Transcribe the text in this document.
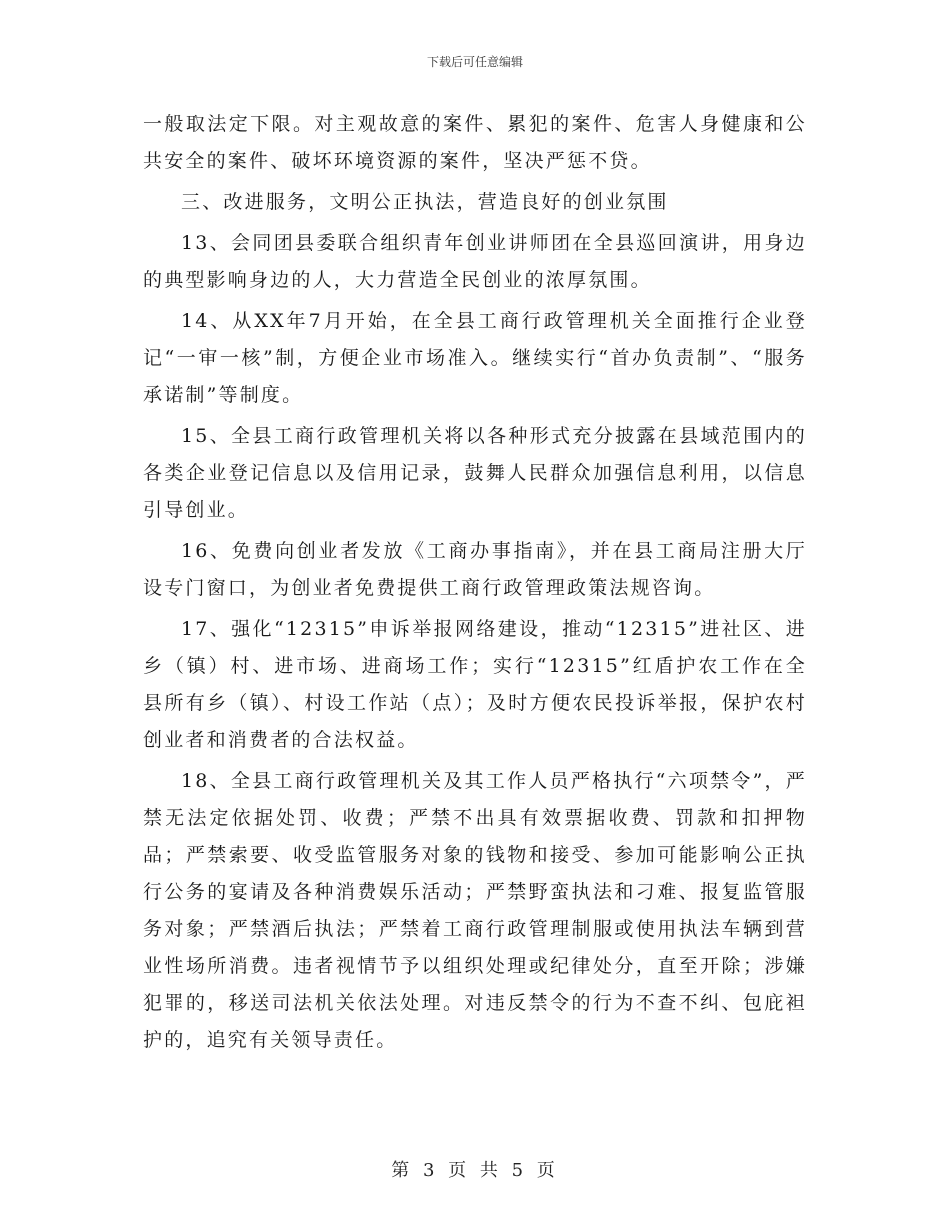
下载后可任意编辑

一般取法定下限。对主观故意的案件、累犯的案件、危害人身健康和公共安全的案件、破坏环境资源的案件，坚决严惩不贷。

三、改进服务，文明公正执法，营造良好的创业氛围

13、会同团县委联合组织青年创业讲师团在全县巡回演讲，用身边的典型影响身边的人，大力营造全民创业的浓厚氛围。

14、从XX年7月开始，在全县工商行政管理机关全面推行企业登记“一审一核”制，方便企业市场准入。继续实行“首办负责制”、“服务承诺制”等制度。

15、全县工商行政管理机关将以各种形式充分披露在县域范围内的各类企业登记信息以及信用记录，鼓舞人民群众加强信息利用，以信息引导创业。

16、免费向创业者发放《工商办事指南》，并在县工商局注册大厅设专门窗口，为创业者免费提供工商行政管理政策法规咨询。

17、强化“12315”申诉举报网络建设，推动“12315”进社区、进乡（镇）村、进市场、进商场工作；实行“12315”红盾护农工作在全县所有乡（镇）、村设工作站（点）；及时方便农民投诉举报，保护农村创业者和消费者的合法权益。

18、全县工商行政管理机关及其工作人员严格执行“六项禁令”，严禁无法定依据处罚、收费；严禁不出具有效票据收费、罚款和扣押物品；严禁索要、收受监管服务对象的钱物和接受、参加可能影响公正执行公务的宴请及各种消费娱乐活动；严禁野蛮执法和刁难、报复监管服务对象；严禁酒后执法；严禁着工商行政管理制服或使用执法车辆到营业性场所消费。违者视情节予以组织处理或纪律处分，直至开除；涉嫌犯罪的，移送司法机关依法处理。对违反禁令的行为不查不纠、包庇袒护的，追究有关领导责任。

第 3 页 共 5 页
